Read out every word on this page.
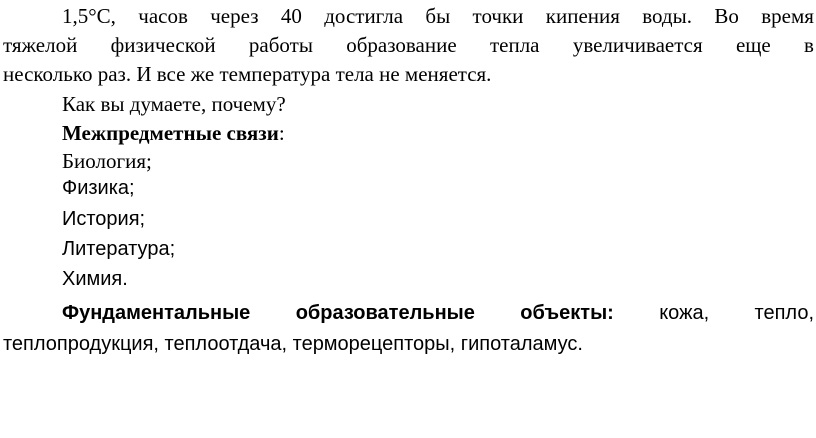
1,5°С, часов через 40 достигла бы точки кипения воды. Во время
тяжелой физической работы образование тепла увеличивается еще в
несколько раз. И все же температура тела не меняется.
Как вы думаете, почему?
Межпредметные связи:
Биология;
Физика;
История;
Литература;
Химия.
Фундаментальные образовательные объекты: кожа, тепло,
теплопродукция, теплоотдача, терморецепторы, гипоталамус.
